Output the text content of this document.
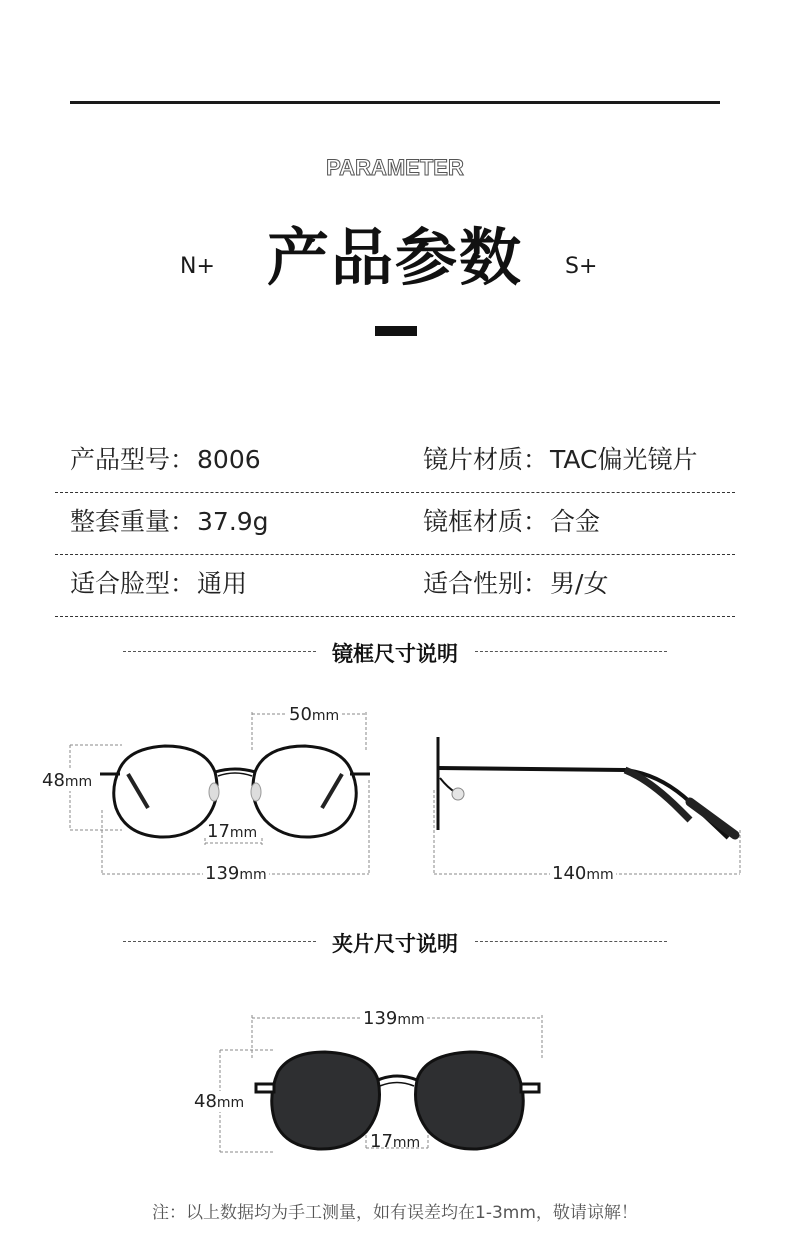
PARAMETER
产品参数
N+	S+
产品型号：8006	镜片材质：TAC偏光镜片
整套重量：37.9g	镜框材质：合金
适合脸型：通用	适合性别：男/女
镜框尺寸说明
50mm
48mm
17mm
139mm	140mm
夹片尺寸说明
139mm
48mm
17mm
注：以上数据均为手工测量，如有误差均在1-3mm，敬请谅解！
